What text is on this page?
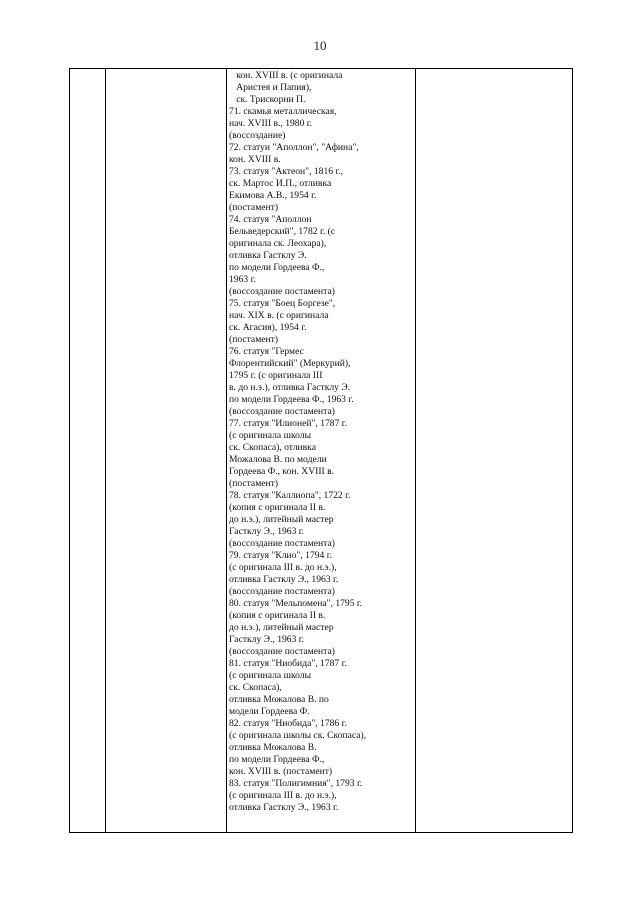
10

кон. XVIII в. (с оригинала
Аристея и Папия),
ск. Трискорни П.
71. скамья металлическая,
нач. XVIII в., 1980 г.
(воссоздание)
72. статуи "Аполлон", "Афина",
кон. XVIII в.
73. статуя "Актеон", 1816 г.,
ск. Мартос И.П., отливка
Екимова А.В., 1954 г.
(постамент)
74. статуя "Аполлон
Бельведерский", 1782 г. (с
оригинала ск. Леохара),
отливка Гастклу Э.
по модели Гордеева Ф.,
1963 г.
(воссоздание постамента)
75. статуя "Боец Боргезе",
нач. XIX в. (с оригинала
ск. Агасия), 1954 г.
(постамент)
76. статуя "Гермес
Флорентийский" (Меркурий),
1795 г. (с оригинала III
в. до н.э.), отливка Гастклу Э.
по модели Гордеева Ф., 1963 г.
(воссоздание постамента)
77. статуя "Илионей", 1787 г.
(с оригинала школы
ск. Скопаса), отливка
Можалова В. по модели
Гордеева Ф., кон. XVIII в.
(постамент)
78. статуя "Каллиопа", 1722 г.
(копия с оригинала II в.
до н.э.), литейный мастер
Гастклу Э., 1963 г.
(воссоздание постамента)
79. статуя "Клио", 1794 г.
(с оригинала III в. до н.э.),
отливка Гастклу Э., 1963 г.
(воссоздание постамента)
80. статуя "Мельпомена", 1795 г.
(копия с оригинала II в.
до н.э.), литейный мастер
Гастклу Э., 1963 г.
(воссоздание постамента)
81. статуя "Ниобида", 1787 г.
(с оригинала школы
ск. Скопаса),
отливка Можалова В. по
модели Гордеева Ф.
82. статуя "Ниобида", 1786 г.
(с оригинала школы ск. Скопаса),
отливка Можалова В.
по модели Гордеева Ф.,
кон. XVIII в. (постамент)
83. статуя "Полигимния", 1793 г.
(с оригинала III в. до н.э.),
отливка Гастклу Э., 1963 г.
